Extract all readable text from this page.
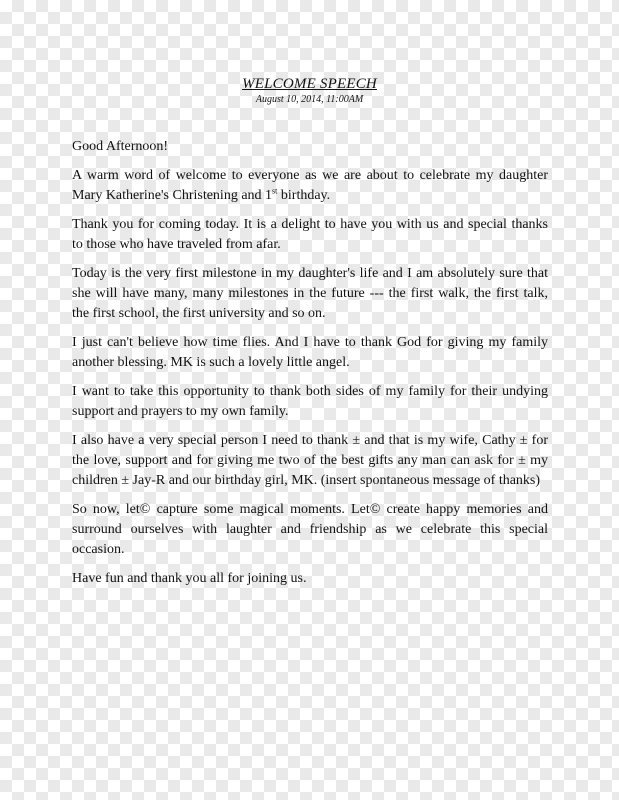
WELCOME SPEECH
August 10, 2014, 11:00AM
Good Afternoon!
A warm word of welcome to everyone as we are about to celebrate my daughter
Mary Katherine's Christening and 1st birthday.
Thank you for coming today. It is a delight to have you with us and special thanks
to those who have traveled from afar.
Today is the very first milestone in my daughter's life and I am absolutely sure that
she will have many, many milestones in the future --- the first walk, the first talk,
the first school, the first university and so on.
I just can't believe how time flies. And I have to thank God for giving my family
another blessing. MK is such a lovely little angel.
I want to take this opportunity to thank both sides of my family for their undying
support and prayers to my own family.
I also have a very special person I need to thank ± and that is my wife, Cathy ± for
the love, support and for giving me two of the best gifts any man can ask for ± my
children ± Jay-R and our birthday girl, MK. (insert spontaneous message of thanks)
So now, let© capture some magical moments. Let© create happy memories and
surround ourselves with laughter and friendship as we celebrate this special
occasion.
Have fun and thank you all for joining us.
